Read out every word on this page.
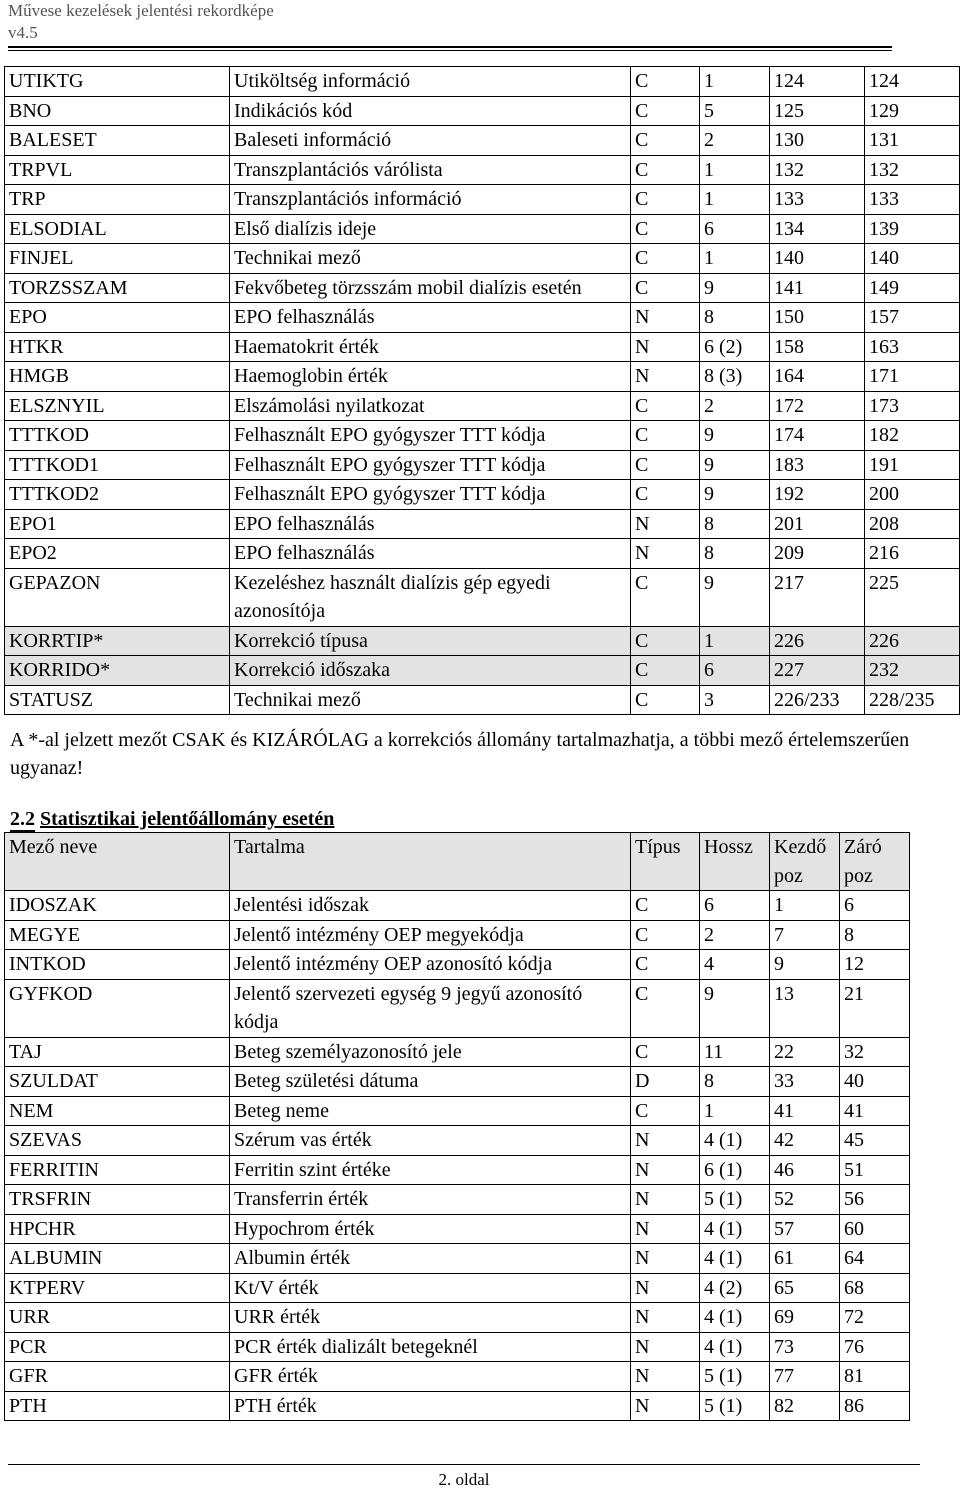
Művese kezelések jelentési rekordképe
v4.5
UTIKTG	Utiköltség információ	C	1	124	124
BNO	Indikációs kód	C	5	125	129
BALESET	Baleseti információ	C	2	130	131
TRPVL	Transzplantációs várólista	C	1	132	132
TRP	Transzplantációs információ	C	1	133	133
ELSODIAL	Első dialízis ideje	C	6	134	139
FINJEL	Technikai mező	C	1	140	140
TORZSSZAM	Fekvőbeteg törzsszám mobil dialízis esetén	C	9	141	149
EPO	EPO felhasználás	N	8	150	157
HTKR	Haematokrit érték	N	6 (2)	158	163
HMGB	Haemoglobin érték	N	8 (3)	164	171
ELSZNYIL	Elszámolási nyilatkozat	C	2	172	173
TTTKOD	Felhasznált EPO gyógyszer TTT kódja	C	9	174	182
TTTKOD1	Felhasznált EPO gyógyszer TTT kódja	C	9	183	191
TTTKOD2	Felhasznált EPO gyógyszer TTT kódja	C	9	192	200
EPO1	EPO felhasználás	N	8	201	208
EPO2	EPO felhasználás	N	8	209	216
GEPAZON	Kezeléshez használt dialízis gép egyedi azonosítója	C	9	217	225
KORRTIP*	Korrekció típusa	C	1	226	226
KORRIDO*	Korrekció időszaka	C	6	227	232
STATUSZ	Technikai mező	C	3	226/233	228/235
A *-al jelzett mezőt CSAK és KIZÁRÓLAG a korrekciós állomány tartalmazhatja, a többi mező értelemszerűen ugyanaz!
2.2 Statisztikai jelentőállomány esetén
Mező neve	Tartalma	Típus	Hossz	Kezdő poz	Záró poz
IDOSZAK	Jelentési időszak	C	6	1	6
MEGYE	Jelentő intézmény OEP megyekódja	C	2	7	8
INTKOD	Jelentő intézmény OEP azonosító kódja	C	4	9	12
GYFKOD	Jelentő szervezeti egység 9 jegyű azonosító kódja	C	9	13	21
TAJ	Beteg személyazonosító jele	C	11	22	32
SZULDAT	Beteg születési dátuma	D	8	33	40
NEM	Beteg neme	C	1	41	41
SZEVAS	Szérum vas érték	N	4 (1)	42	45
FERRITIN	Ferritin szint értéke	N	6 (1)	46	51
TRSFRIN	Transferrin érték	N	5 (1)	52	56
HPCHR	Hypochrom érték	N	4 (1)	57	60
ALBUMIN	Albumin érték	N	4 (1)	61	64
KTPERV	Kt/V érték	N	4 (2)	65	68
URR	URR érték	N	4 (1)	69	72
PCR	PCR érték dializált betegeknél	N	4 (1)	73	76
GFR	GFR érték	N	5 (1)	77	81
PTH	PTH érték	N	5 (1)	82	86
2. oldal
